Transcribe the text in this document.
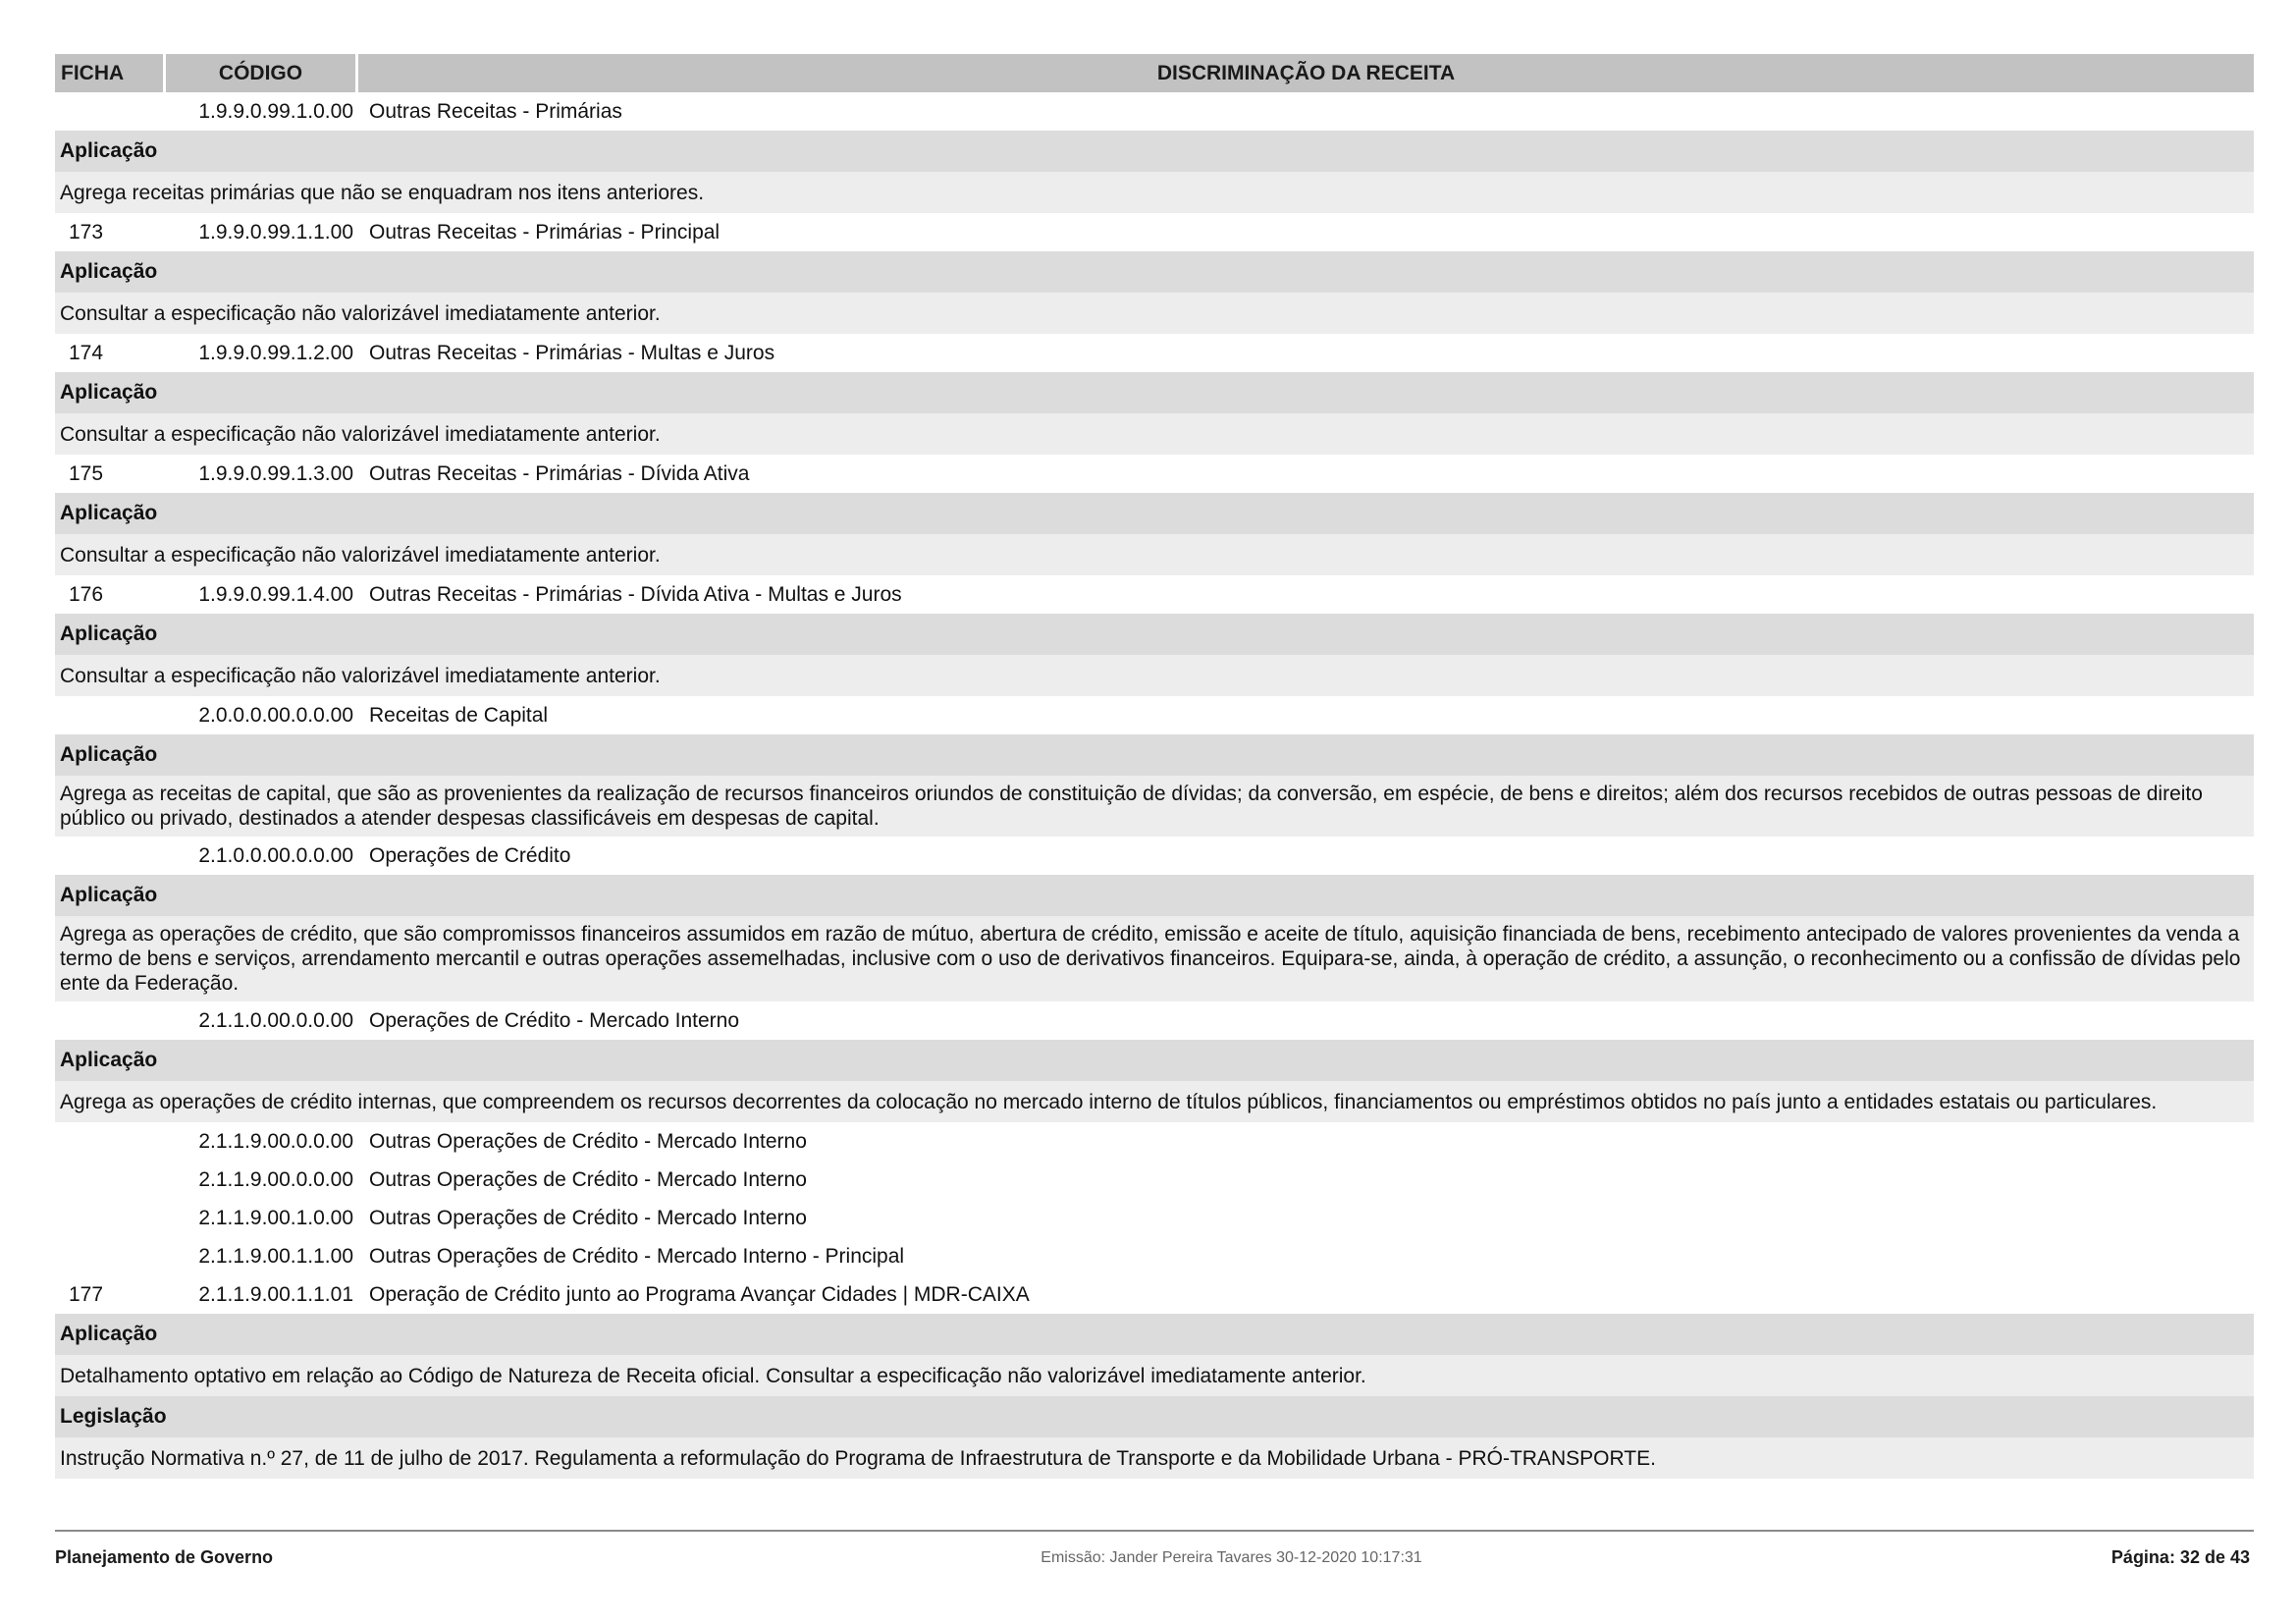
FICHA	CÓDIGO	DISCRIMINAÇÃO DA RECEITA
1.9.9.0.99.1.0.00 Outras Receitas - Primárias
Aplicação
Agrega receitas primárias que não se enquadram nos itens anteriores.
173	1.9.9.0.99.1.1.00 Outras Receitas - Primárias - Principal
Aplicação
Consultar a especificação não valorizável imediatamente anterior.
174	1.9.9.0.99.1.2.00 Outras Receitas - Primárias - Multas e Juros
Aplicação
Consultar a especificação não valorizável imediatamente anterior.
175	1.9.9.0.99.1.3.00 Outras Receitas - Primárias - Dívida Ativa
Aplicação
Consultar a especificação não valorizável imediatamente anterior.
176	1.9.9.0.99.1.4.00 Outras Receitas - Primárias - Dívida Ativa - Multas e Juros
Aplicação
Consultar a especificação não valorizável imediatamente anterior.
2.0.0.0.00.0.0.00 Receitas de Capital
Aplicação
Agrega as receitas de capital, que são as provenientes da realização de recursos financeiros oriundos de constituição de dívidas; da conversão, em espécie, de bens e direitos; além dos recursos recebidos de outras pessoas de direito público ou privado, destinados a atender despesas classificáveis em despesas de capital.
2.1.0.0.00.0.0.00 Operações de Crédito
Aplicação
Agrega as operações de crédito, que são compromissos financeiros assumidos em razão de mútuo, abertura de crédito, emissão e aceite de título, aquisição financiada de bens, recebimento antecipado de valores provenientes da venda a termo de bens e serviços, arrendamento mercantil e outras operações assemelhadas, inclusive com o uso de derivativos financeiros. Equipara-se, ainda, à operação de crédito, a assunção, o reconhecimento ou a confissão de dívidas pelo ente da Federação.
2.1.1.0.00.0.0.00 Operações de Crédito - Mercado Interno
Aplicação
Agrega as operações de crédito internas, que compreendem os recursos decorrentes da colocação no mercado interno de títulos públicos, financiamentos ou empréstimos obtidos no país junto a entidades estatais ou particulares.
2.1.1.9.00.0.0.00 Outras Operações de Crédito - Mercado Interno
2.1.1.9.00.0.0.00 Outras Operações de Crédito - Mercado Interno
2.1.1.9.00.1.0.00 Outras Operações de Crédito - Mercado Interno
2.1.1.9.00.1.1.00 Outras Operações de Crédito - Mercado Interno - Principal
177	2.1.1.9.00.1.1.01 Operação de Crédito junto ao Programa Avançar Cidades | MDR-CAIXA
Aplicação
Detalhamento optativo em relação ao Código de Natureza de Receita oficial. Consultar a especificação não valorizável imediatamente anterior.
Legislação
Instrução Normativa n.º 27, de 11 de julho de 2017. Regulamenta a reformulação do Programa de Infraestrutura de Transporte e da Mobilidade Urbana - PRÓ-TRANSPORTE.
Planejamento de Governo	Emissão: Jander Pereira Tavares 30-12-2020 10:17:31	Página: 32 de 43
